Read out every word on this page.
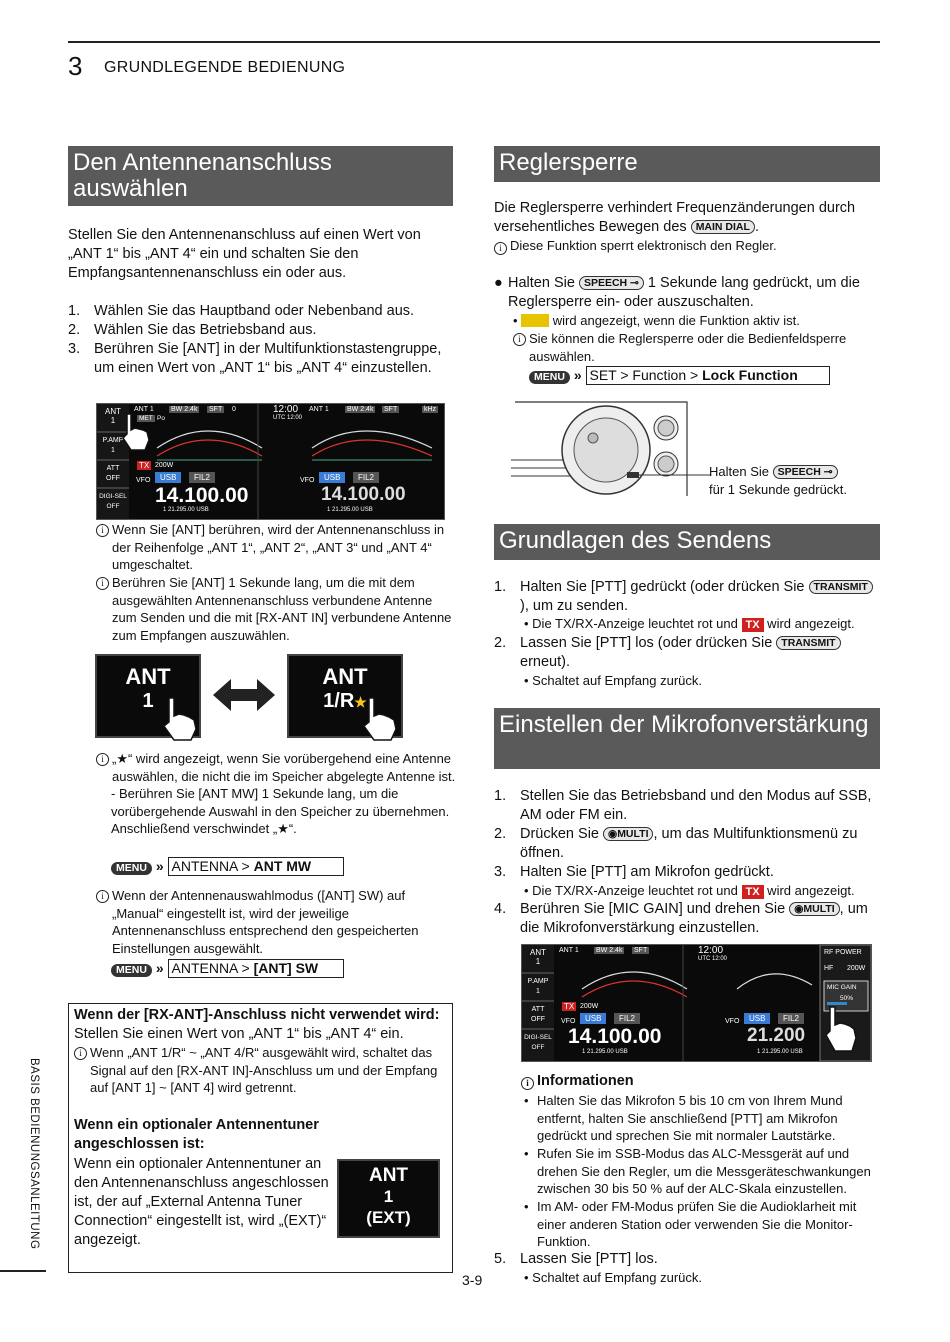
3 GRUNDLEGENDE BEDIENUNG
Den Antennenanschluss auswählen
Stellen Sie den Antennenanschluss auf einen Wert von „ANT 1“ bis „ANT 4“ ein und schalten Sie den Empfangsantennenanschluss ein oder aus.
1. Wählen Sie das Hauptband oder Nebenband aus.
2. Wählen Sie das Betriebsband aus.
3. Berühren Sie [ANT] in der Multifunktionstastengruppe, um einen Wert von „ANT 1“ bis „ANT 4“ einzustellen.
ANT
1
P.AMP
1
ATT
OFF
DIGI-SEL
OFF
ANT 1 BW 2.4k SFT 0
MET Po
12:00
UTC 12:00
ANT 1	BW 2.4k SFT	kHz
TX 200W
VFO	USB	FIL2
14.100.00
1 21.295.00 USB
VFO	USB	FIL2
14.100.00
1 21.295.00 USB
i Wenn Sie [ANT] berühren, wird der Antennenanschluss in der Reihenfolge „ANT 1“, „ANT 2“, „ANT 3“ und „ANT 4“ umgeschaltet.
i Berühren Sie [ANT] 1 Sekunde lang, um die mit dem ausgewählten Antennenanschluss verbundene Antenne zum Senden und die mit [RX-ANT IN] verbundene Antenne zum Empfangen auszuwählen.
ANT
1
ANT
1/R★
i „★“ wird angezeigt, wenn Sie vorübergehend eine Antenne auswählen, die nicht die im Speicher abgelegte Antenne ist.
- Berühren Sie [ANT MW] 1 Sekunde lang, um die vorübergehende Auswahl in den Speicher zu übernehmen. Anschließend verschwindet „★“.
MENU » ANTENNA > ANT MW
i Wenn der Antennenauswahlmodus ([ANT] SW) auf „Manual“ eingestellt ist, wird der jeweilige Antennenanschluss entsprechend den gespeicherten Einstellungen ausgewählt.
MENU » ANTENNA > [ANT] SW
Wenn der [RX-ANT]-Anschluss nicht verwendet wird:
Stellen Sie einen Wert von „ANT 1“ bis „ANT 4“ ein.
i Wenn „ANT 1/R“ ~ „ANT 4/R“ ausgewählt wird, schaltet das Signal auf den [RX-ANT IN]-Anschluss um und der Empfang auf [ANT 1] ~ [ANT 4] wird getrennt.
Wenn ein optionaler Antennentuner angeschlossen ist:
Wenn ein optionaler Antennentuner an den Antennenanschluss angeschlossen ist, der auf „External Antenna Tuner Connection“ eingestellt ist, wird „(EXT)“ angezeigt.
ANT
1
(EXT)
Reglersperre
Die Reglersperre verhindert Frequenzänderungen durch versehentliches Bewegen des MAIN DIAL .
i Diese Funktion sperrt elektronisch den Regler.
● Halten Sie SPEECH ⊸ 1 Sekunde lang gedrückt, um die Reglersperre ein- oder auszuschalten.
•  wird angezeigt, wenn die Funktion aktiv ist.
i Sie können die Reglersperre oder die Bedienfeldsperre auswählen.
MENU » SET > Function > Lock Function
Halten Sie SPEECH ⊸
für 1 Sekunde gedrückt.
Grundlagen des Sendens
1. Halten Sie [PTT] gedrückt (oder drücken Sie TRANSMIT), um zu senden.
• Die TX/RX-Anzeige leuchtet rot und TX wird angezeigt.
2. Lassen Sie [PTT] los (oder drücken Sie TRANSMIT erneut).
• Schaltet auf Empfang zurück.
Einstellen der Mikrofonverstärkung
1. Stellen Sie das Betriebsband und den Modus auf SSB, AM oder FM ein.
2. Drücken Sie ◉MULTI , um das Multifunktionsmenü zu öffnen.
3. Halten Sie [PTT] am Mikrofon gedrückt.
• Die TX/RX-Anzeige leuchtet rot und TX wird angezeigt.
4. Berühren Sie [MIC GAIN] und drehen Sie ◉MULTI , um die Mikrofonverstärkung einzustellen.
ANT
1
P.AMP
1
ATT
OFF
DIGI-SEL
OFF
ANT 1 BW 2.4k SFT	12:00
UTC 12:00
TX 200W
VFO	USB	FIL2
14.100.00
1 21.295.00 USB
VFO	USB	FIL2
21.200
1 21.295.00 USB
RF POWER
HF 200W
MIC GAIN
50%
i Informationen
• Halten Sie das Mikrofon 5 bis 10 cm von Ihrem Mund entfernt, halten Sie anschließend [PTT] am Mikrofon gedrückt und sprechen Sie mit normaler Lautstärke.
• Rufen Sie im SSB-Modus das ALC-Messgerät auf und drehen Sie den Regler, um die Messgeräteschwankungen zwischen 30 bis 50 % auf der ALC-Skala einzustellen.
• Im AM- oder FM-Modus prüfen Sie die Audioklarheit mit einer anderen Station oder verwenden Sie die Monitor-Funktion.
5. Lassen Sie [PTT] los.
• Schaltet auf Empfang zurück.
3-9
BASIS BEDIENUNGSANLEITUNG
